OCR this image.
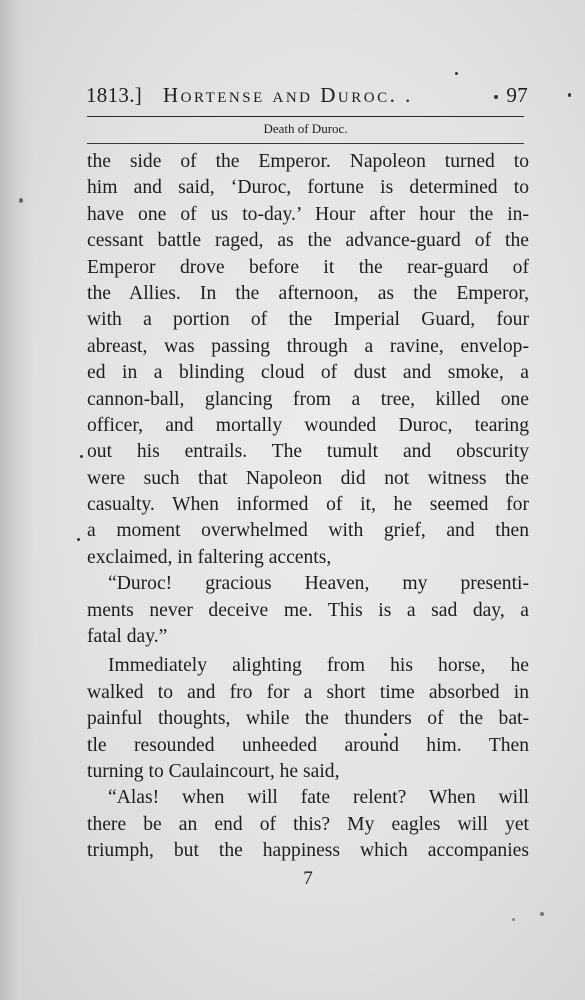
1813.] Hortense and Duroc. .	97
Death of Duroc.
the side of the Emperor. Napoleon turned to
him and said, ‘Duroc, fortune is determined to
have one of us to-day.’ Hour after hour the in-
cessant battle raged, as the advance-guard of the
Emperor drove before it the rear-guard of
the Allies. In the afternoon, as the Emperor,
with a portion of the Imperial Guard, four
abreast, was passing through a ravine, envelop-
ed in a blinding cloud of dust and smoke, a
cannon-ball, glancing from a tree, killed one
officer, and mortally wounded Duroc, tearing
out his entrails. The tumult and obscurity
were such that Napoleon did not witness the
casualty. When informed of it, he seemed for
a moment overwhelmed with grief, and then
exclaimed, in faltering accents,
“Duroc! gracious Heaven, my presenti-
ments never deceive me. This is a sad day, a
fatal day.”
Immediately alighting from his horse, he
walked to and fro for a short time absorbed in
painful thoughts, while the thunders of the bat-
tle resounded unheeded around him. Then
turning to Caulaincourt, he said,
“Alas! when will fate relent? When will
there be an end of this? My eagles will yet
triumph, but the happiness which accompanies
7
